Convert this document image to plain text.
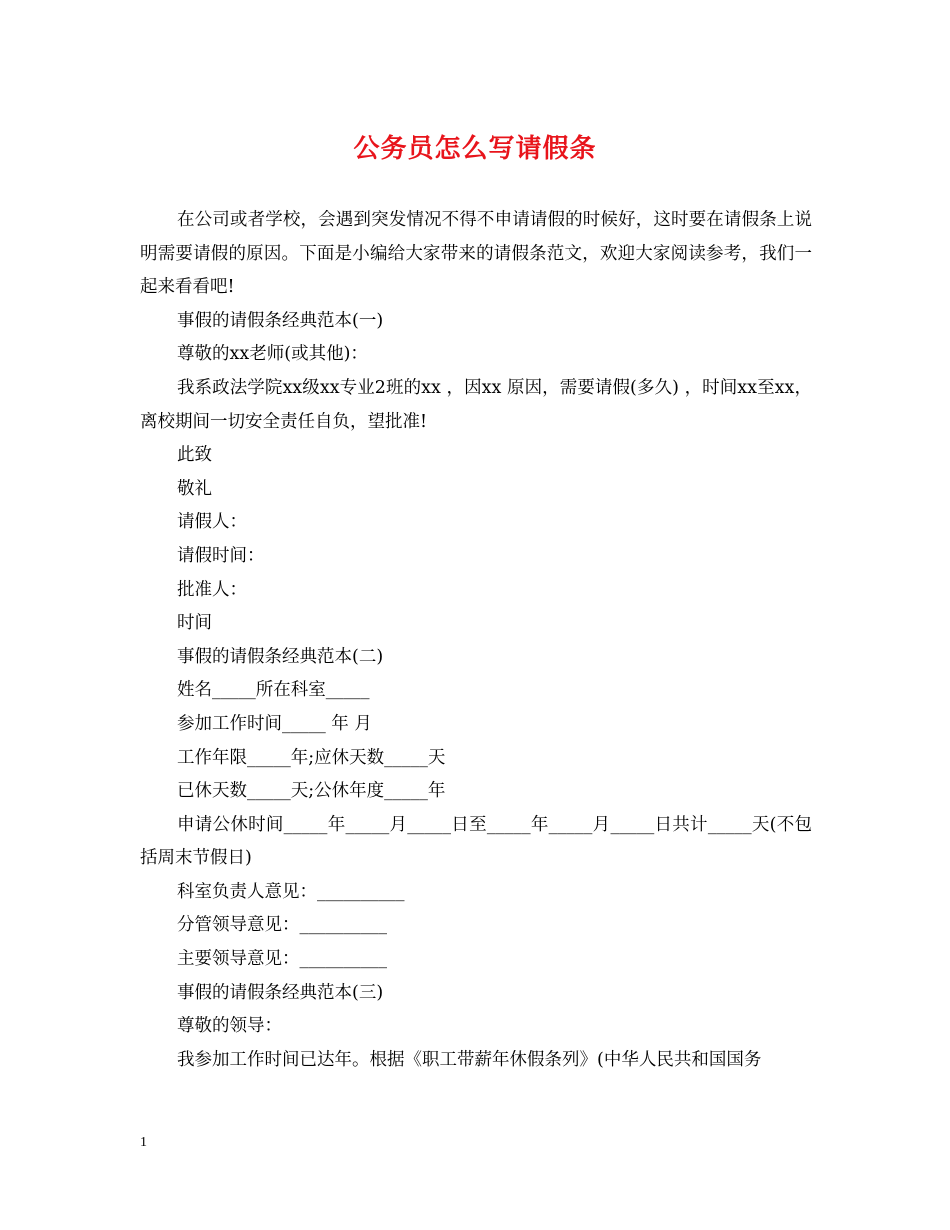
公务员怎么写请假条

在公司或者学校，会遇到突发情况不得不申请请假的时候好，这时要在请假条上说明需要请假的原因。下面是小编给大家带来的请假条范文，欢迎大家阅读参考，我们一起来看看吧!

事假的请假条经典范本(一)

尊敬的xx老师(或其他)：

我系政法学院xx级xx专业2班的xx ，因xx 原因，需要请假(多久) ，时间xx至xx，离校期间一切安全责任自负，望批准!

此致

敬礼

请假人：

请假时间：

批准人：

时间

事假的请假条经典范本(二)

姓名_____所在科室_____

参加工作时间_____ 年 月

工作年限_____年;应休天数_____天

已休天数_____天;公休年度_____年

申请公休时间_____年_____月_____日至_____年_____月_____日共计_____天(不包括周末节假日)

科室负责人意见：__________

分管领导意见：__________

主要领导意见：__________

事假的请假条经典范本(三)

尊敬的领导：

我参加工作时间已达年。根据《职工带薪年休假条列》(中华人民共和国国务

1
